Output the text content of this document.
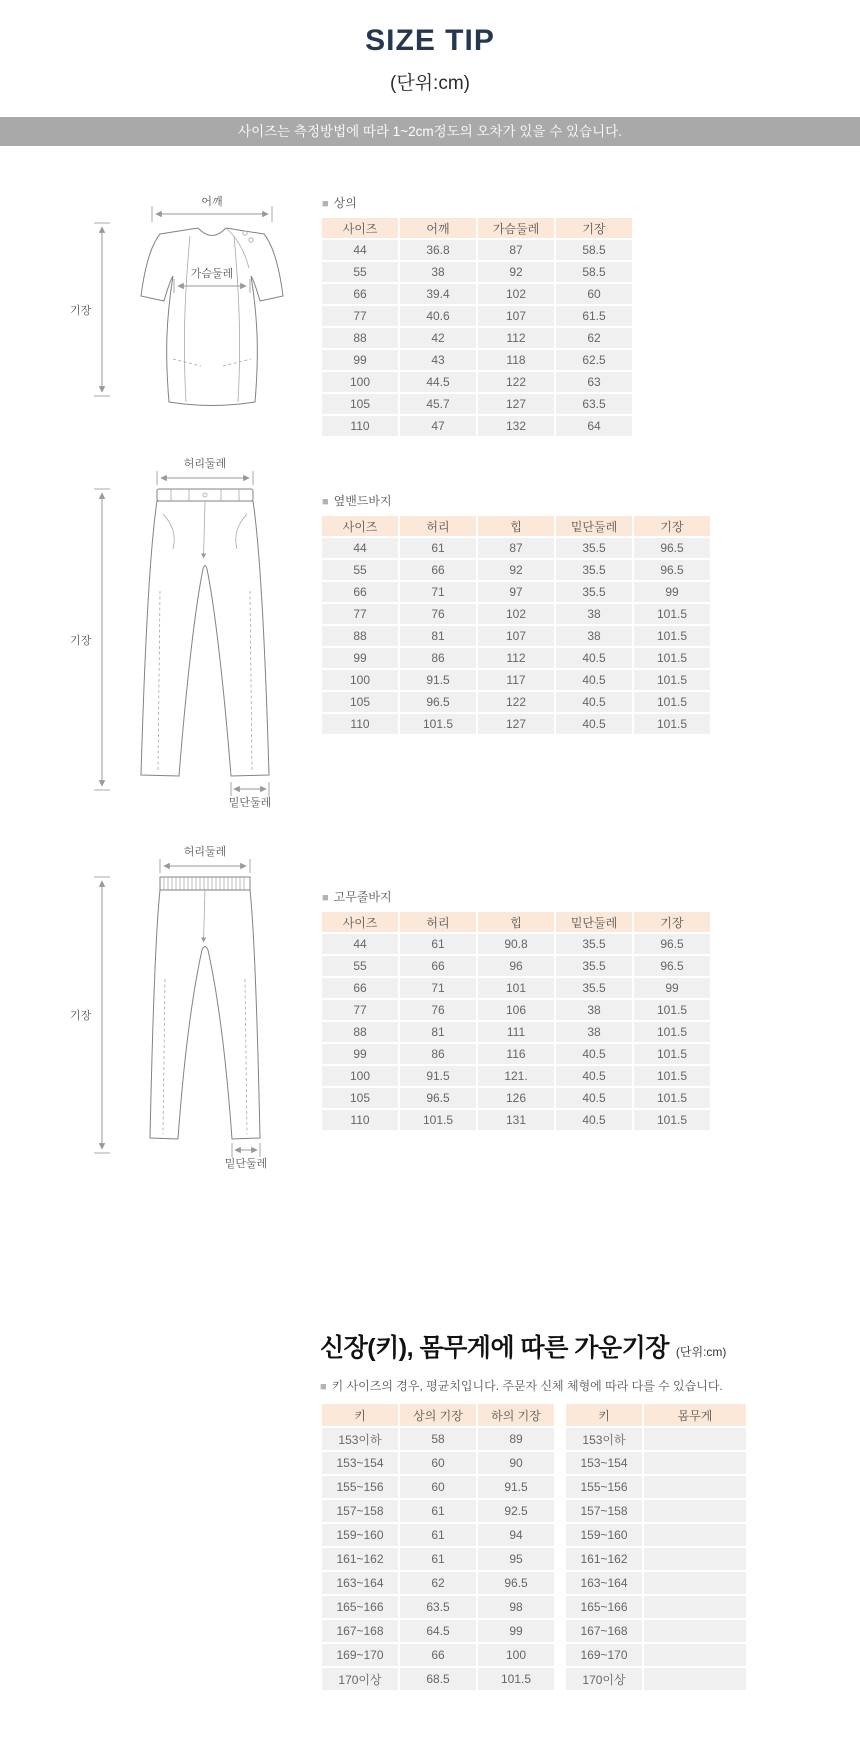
SIZE TIP
(단위:cm)
사이즈는 측정방법에 따라 1~2cm정도의 오차가 있을 수 있습니다.
어깨
기장
가슴둘레
■ 상의
사이즈	어깨	가슴둘레	기장
44	36.8	87	58.5
55	38	92	58.5
66	39.4	102	60
77	40.6	107	61.5
88	42	112	62
99	43	118	62.5
100	44.5	122	63
105	45.7	127	63.5
110	47	132	64
허리둘레
기장
밑단둘레
■ 옆밴드바지
사이즈	허리	힙	밑단둘레	기장
44	61	87	35.5	96.5
55	66	92	35.5	96.5
66	71	97	35.5	99
77	76	102	38	101.5
88	81	107	38	101.5
99	86	112	40.5	101.5
100	91.5	117	40.5	101.5
105	96.5	122	40.5	101.5
110	101.5	127	40.5	101.5
허리둘레
기장
밑단둘레
■ 고무줄바지
사이즈	허리	힙	밑단둘레	기장
44	61	90.8	35.5	96.5
55	66	96	35.5	96.5
66	71	101	35.5	99
77	76	106	38	101.5
88	81	111	38	101.5
99	86	116	40.5	101.5
100	91.5	121.	40.5	101.5
105	96.5	126	40.5	101.5
110	101.5	131	40.5	101.5
신장(키), 몸무게에 따른 가운기장 (단위:cm)
■ 키 사이즈의 경우, 평균치입니다. 주문자 신체 체형에 따라 다를 수 있습니다.
키	상의 기장	하의 기장
153이하	58	89
153~154	60	90
155~156	60	91.5
157~158	61	92.5
159~160	61	94
161~162	61	95
163~164	62	96.5
165~166	63.5	98
167~168	64.5	99
169~170	66	100
170이상	68.5	101.5
키	몸무게
153이하	
153~154	
155~156	
157~158	
159~160	
161~162	
163~164	
165~166	
167~168	
169~170	
170이상	
